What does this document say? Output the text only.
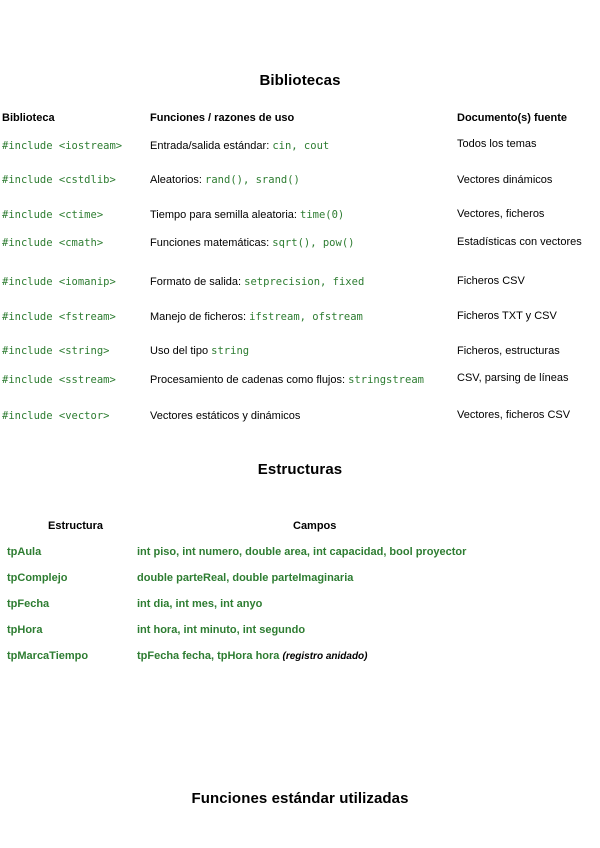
Bibliotecas
Biblioteca	Funciones / razones de uso	Documento(s) fuente
#include <iostream>	Entrada/salida estándar: cin, cout	Todos los temas
#include <cstdlib>	Aleatorios: rand(), srand()	Vectores dinámicos
#include <ctime>	Tiempo para semilla aleatoria: time(0)	Vectores, ficheros
#include <cmath>	Funciones matemáticas: sqrt(), pow()	Estadísticas con vectores
#include <iomanip>	Formato de salida: setprecision, fixed	Ficheros CSV
#include <fstream>	Manejo de ficheros: ifstream, ofstream	Ficheros TXT y CSV
#include <string>	Uso del tipo string	Ficheros, estructuras
#include <sstream>	Procesamiento de cadenas como flujos: stringstream	CSV, parsing de líneas
#include <vector>	Vectores estáticos y dinámicos	Vectores, ficheros CSV
Estructuras
Estructura	Campos
tpAula	int piso, int numero, double area, int capacidad, bool proyector
tpComplejo	double parteReal, double parteImaginaria
tpFecha	int dia, int mes, int anyo
tpHora	int hora, int minuto, int segundo
tpMarcaTiempo	tpFecha fecha, tpHora hora (registro anidado)
Funciones estándar utilizadas
